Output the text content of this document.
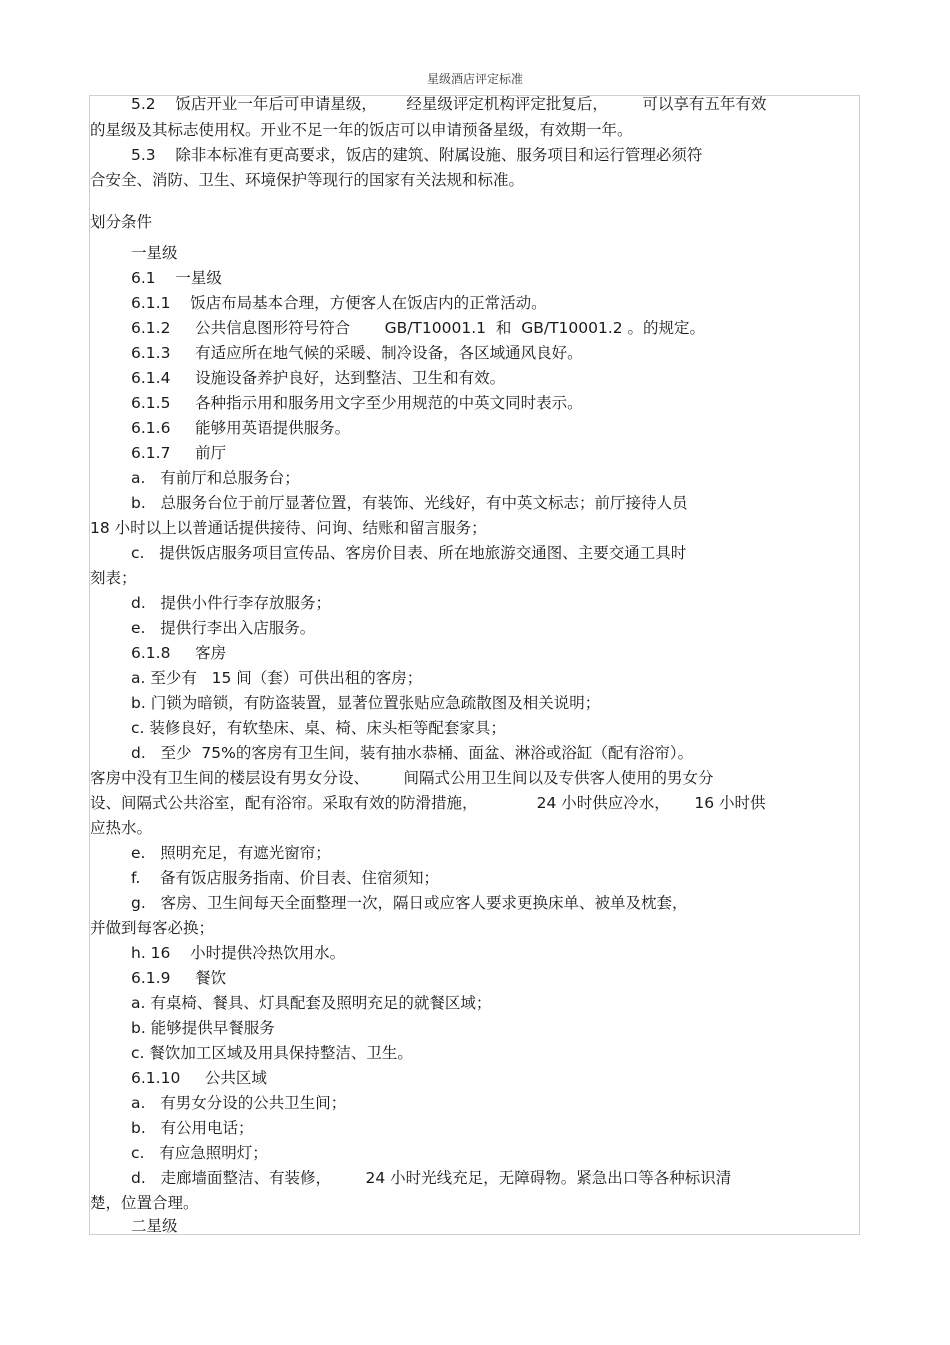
星级酒店评定标准
5.2    饭店开业一年后可申请星级，      经星级评定机构评定批复后，       可以享有五年有效
的星级及其标志使用权。开业不足一年的饭店可以申请预备星级，有效期一年。
5.3    除非本标准有更高要求，饭店的建筑、附属设施、服务项目和运行管理必须符
合安全、消防、卫生、环境保护等现行的国家有关法规和标准。
划分条件
一星级
6.1    一星级
6.1.1    饭店布局基本合理，方便客人在饭店内的正常活动。
6.1.2     公共信息图形符号符合       GB/T10001.1  和  GB/T10001.2 。的规定。
6.1.3     有适应所在地气候的采暖、制冷设备，各区域通风良好。
6.1.4     设施设备养护良好，达到整洁、卫生和有效。
6.1.5     各种指示用和服务用文字至少用规范的中英文同时表示。
6.1.6     能够用英语提供服务。
6.1.7     前厅
a.   有前厅和总服务台；
b.   总服务台位于前厅显著位置，有装饰、光线好，有中英文标志；前厅接待人员
18 小时以上以普通话提供接待、问询、结账和留言服务；
c.   提供饭店服务项目宣传品、客房价目表、所在地旅游交通图、主要交通工具时
刻表；
d.   提供小件行李存放服务；
e.   提供行李出入店服务。
6.1.8     客房
a. 至少有   15 间（套）可供出租的客房；
b. 门锁为暗锁，有防盗装置，显著位置张贴应急疏散图及相关说明；
c. 装修良好，有软垫床、桌、椅、床头柜等配套家具；
d.   至少  75%的客房有卫生间，装有抽水恭桶、面盆、淋浴或浴缸（配有浴帘）。
客房中没有卫生间的楼层设有男女分设、       间隔式公用卫生间以及专供客人使用的男女分
设、间隔式公共浴室，配有浴帘。采取有效的防滑措施，            24 小时供应冷水，     16 小时供
应热水。
e.   照明充足，有遮光窗帘；
f.    备有饭店服务指南、价目表、住宿须知；
g.   客房、卫生间每天全面整理一次，隔日或应客人要求更换床单、被单及枕套，
并做到每客必换；
h. 16    小时提供冷热饮用水。
6.1.9     餐饮
a. 有桌椅、餐具、灯具配套及照明充足的就餐区域；
b. 能够提供早餐服务
c. 餐饮加工区域及用具保持整洁、卫生。
6.1.10     公共区域
a.   有男女分设的公共卫生间；
b.   有公用电话；
c.   有应急照明灯；
d.   走廊墙面整洁、有装修，       24 小时光线充足，无障碍物。紧急出口等各种标识清
楚，位置合理。
二星级
